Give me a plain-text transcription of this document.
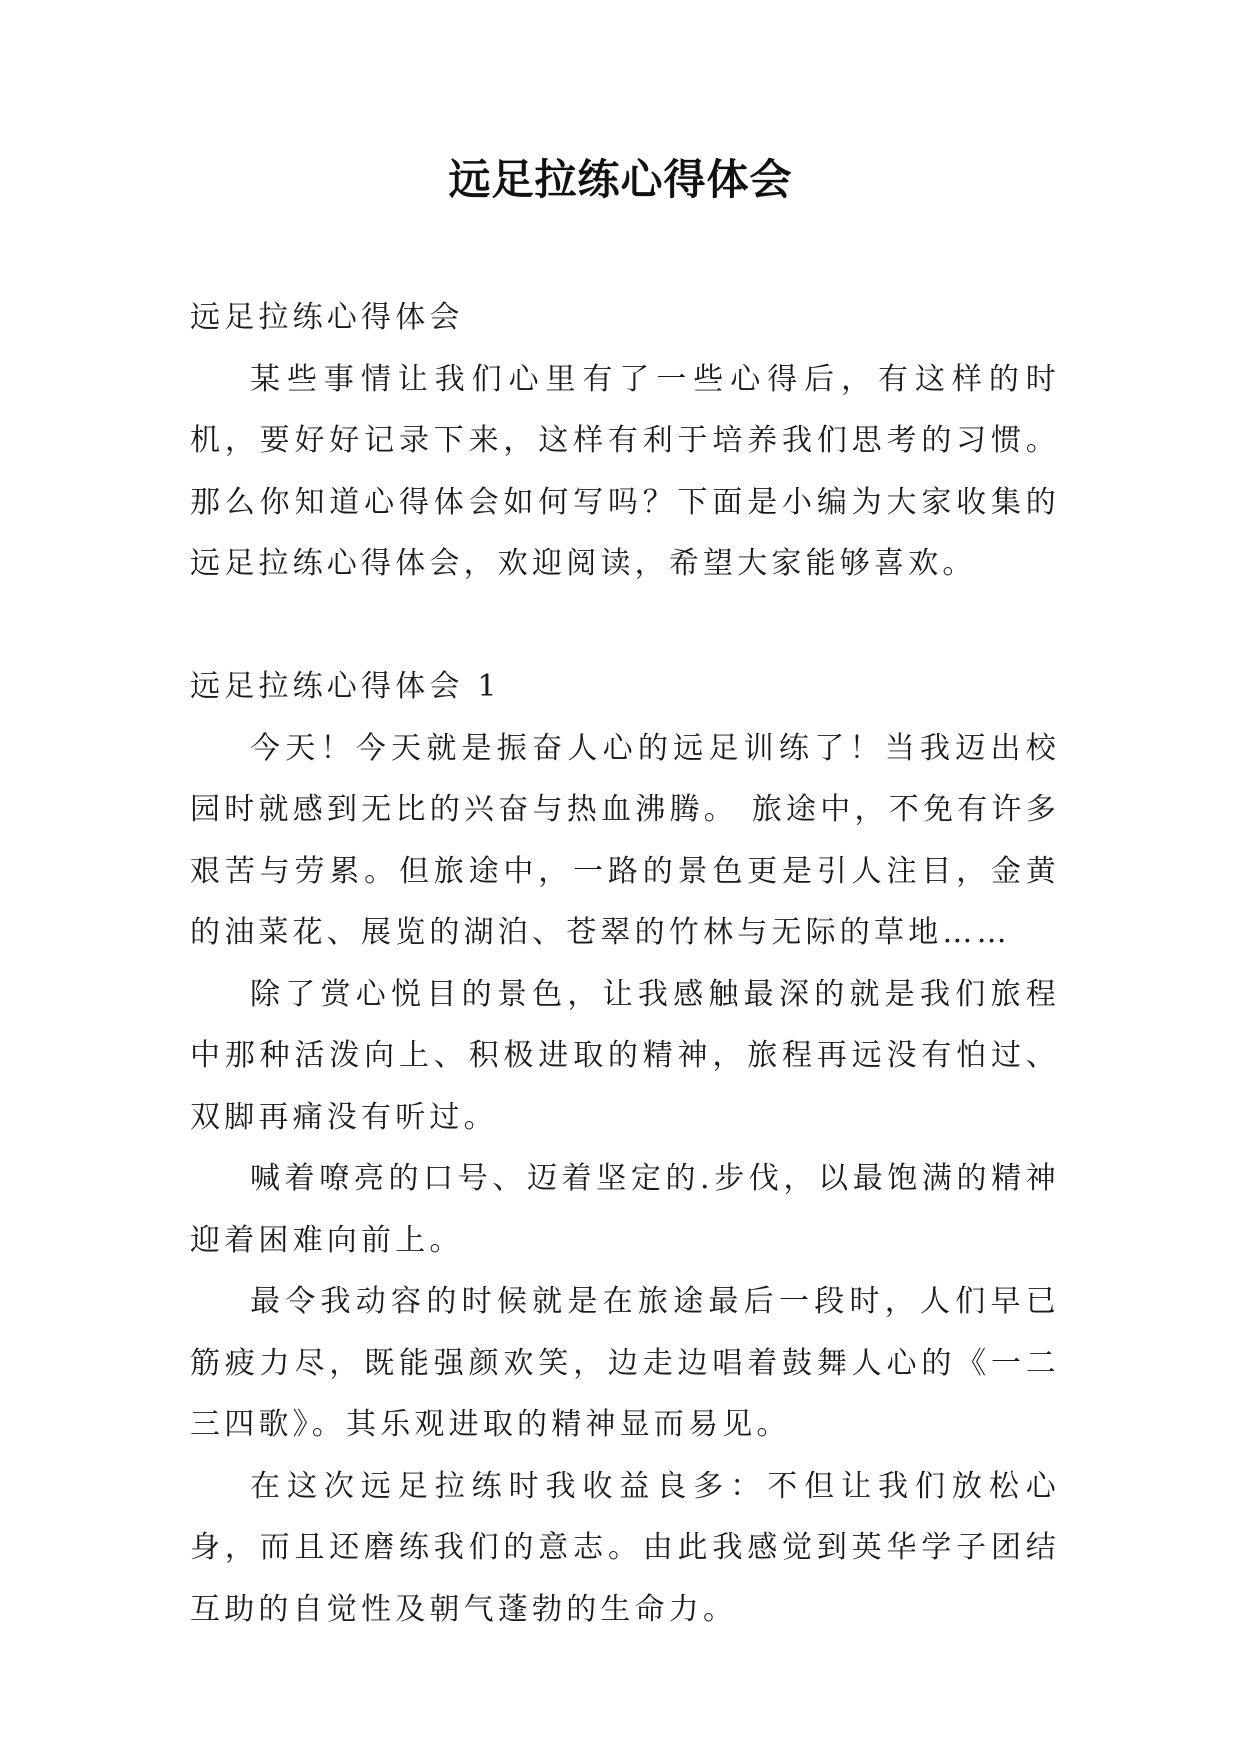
远足拉练心得体会

远足拉练心得体会

某些事情让我们心里有了一些心得后，有这样的时机，要好好记录下来，这样有利于培养我们思考的习惯。那么你知道心得体会如何写吗？下面是小编为大家收集的远足拉练心得体会，欢迎阅读，希望大家能够喜欢。

远足拉练心得体会 1

今天！今天就是振奋人心的远足训练了！当我迈出校园时就感到无比的兴奋与热血沸腾。 旅途中，不免有许多艰苦与劳累。但旅途中，一路的景色更是引人注目，金黄的油菜花、展览的湖泊、苍翠的竹林与无际的草地……

除了赏心悦目的景色，让我感触最深的就是我们旅程中那种活泼向上、积极进取的精神，旅程再远没有怕过、双脚再痛没有听过。

喊着嘹亮的口号、迈着坚定的.步伐，以最饱满的精神迎着困难向前上。

最令我动容的时候就是在旅途最后一段时，人们早已筋疲力尽，既能强颜欢笑，边走边唱着鼓舞人心的《一二三四歌》。其乐观进取的精神显而易见。

在这次远足拉练时我收益良多：不但让我们放松心身，而且还磨练我们的意志。由此我感觉到英华学子团结互助的自觉性及朝气蓬勃的生命力。
